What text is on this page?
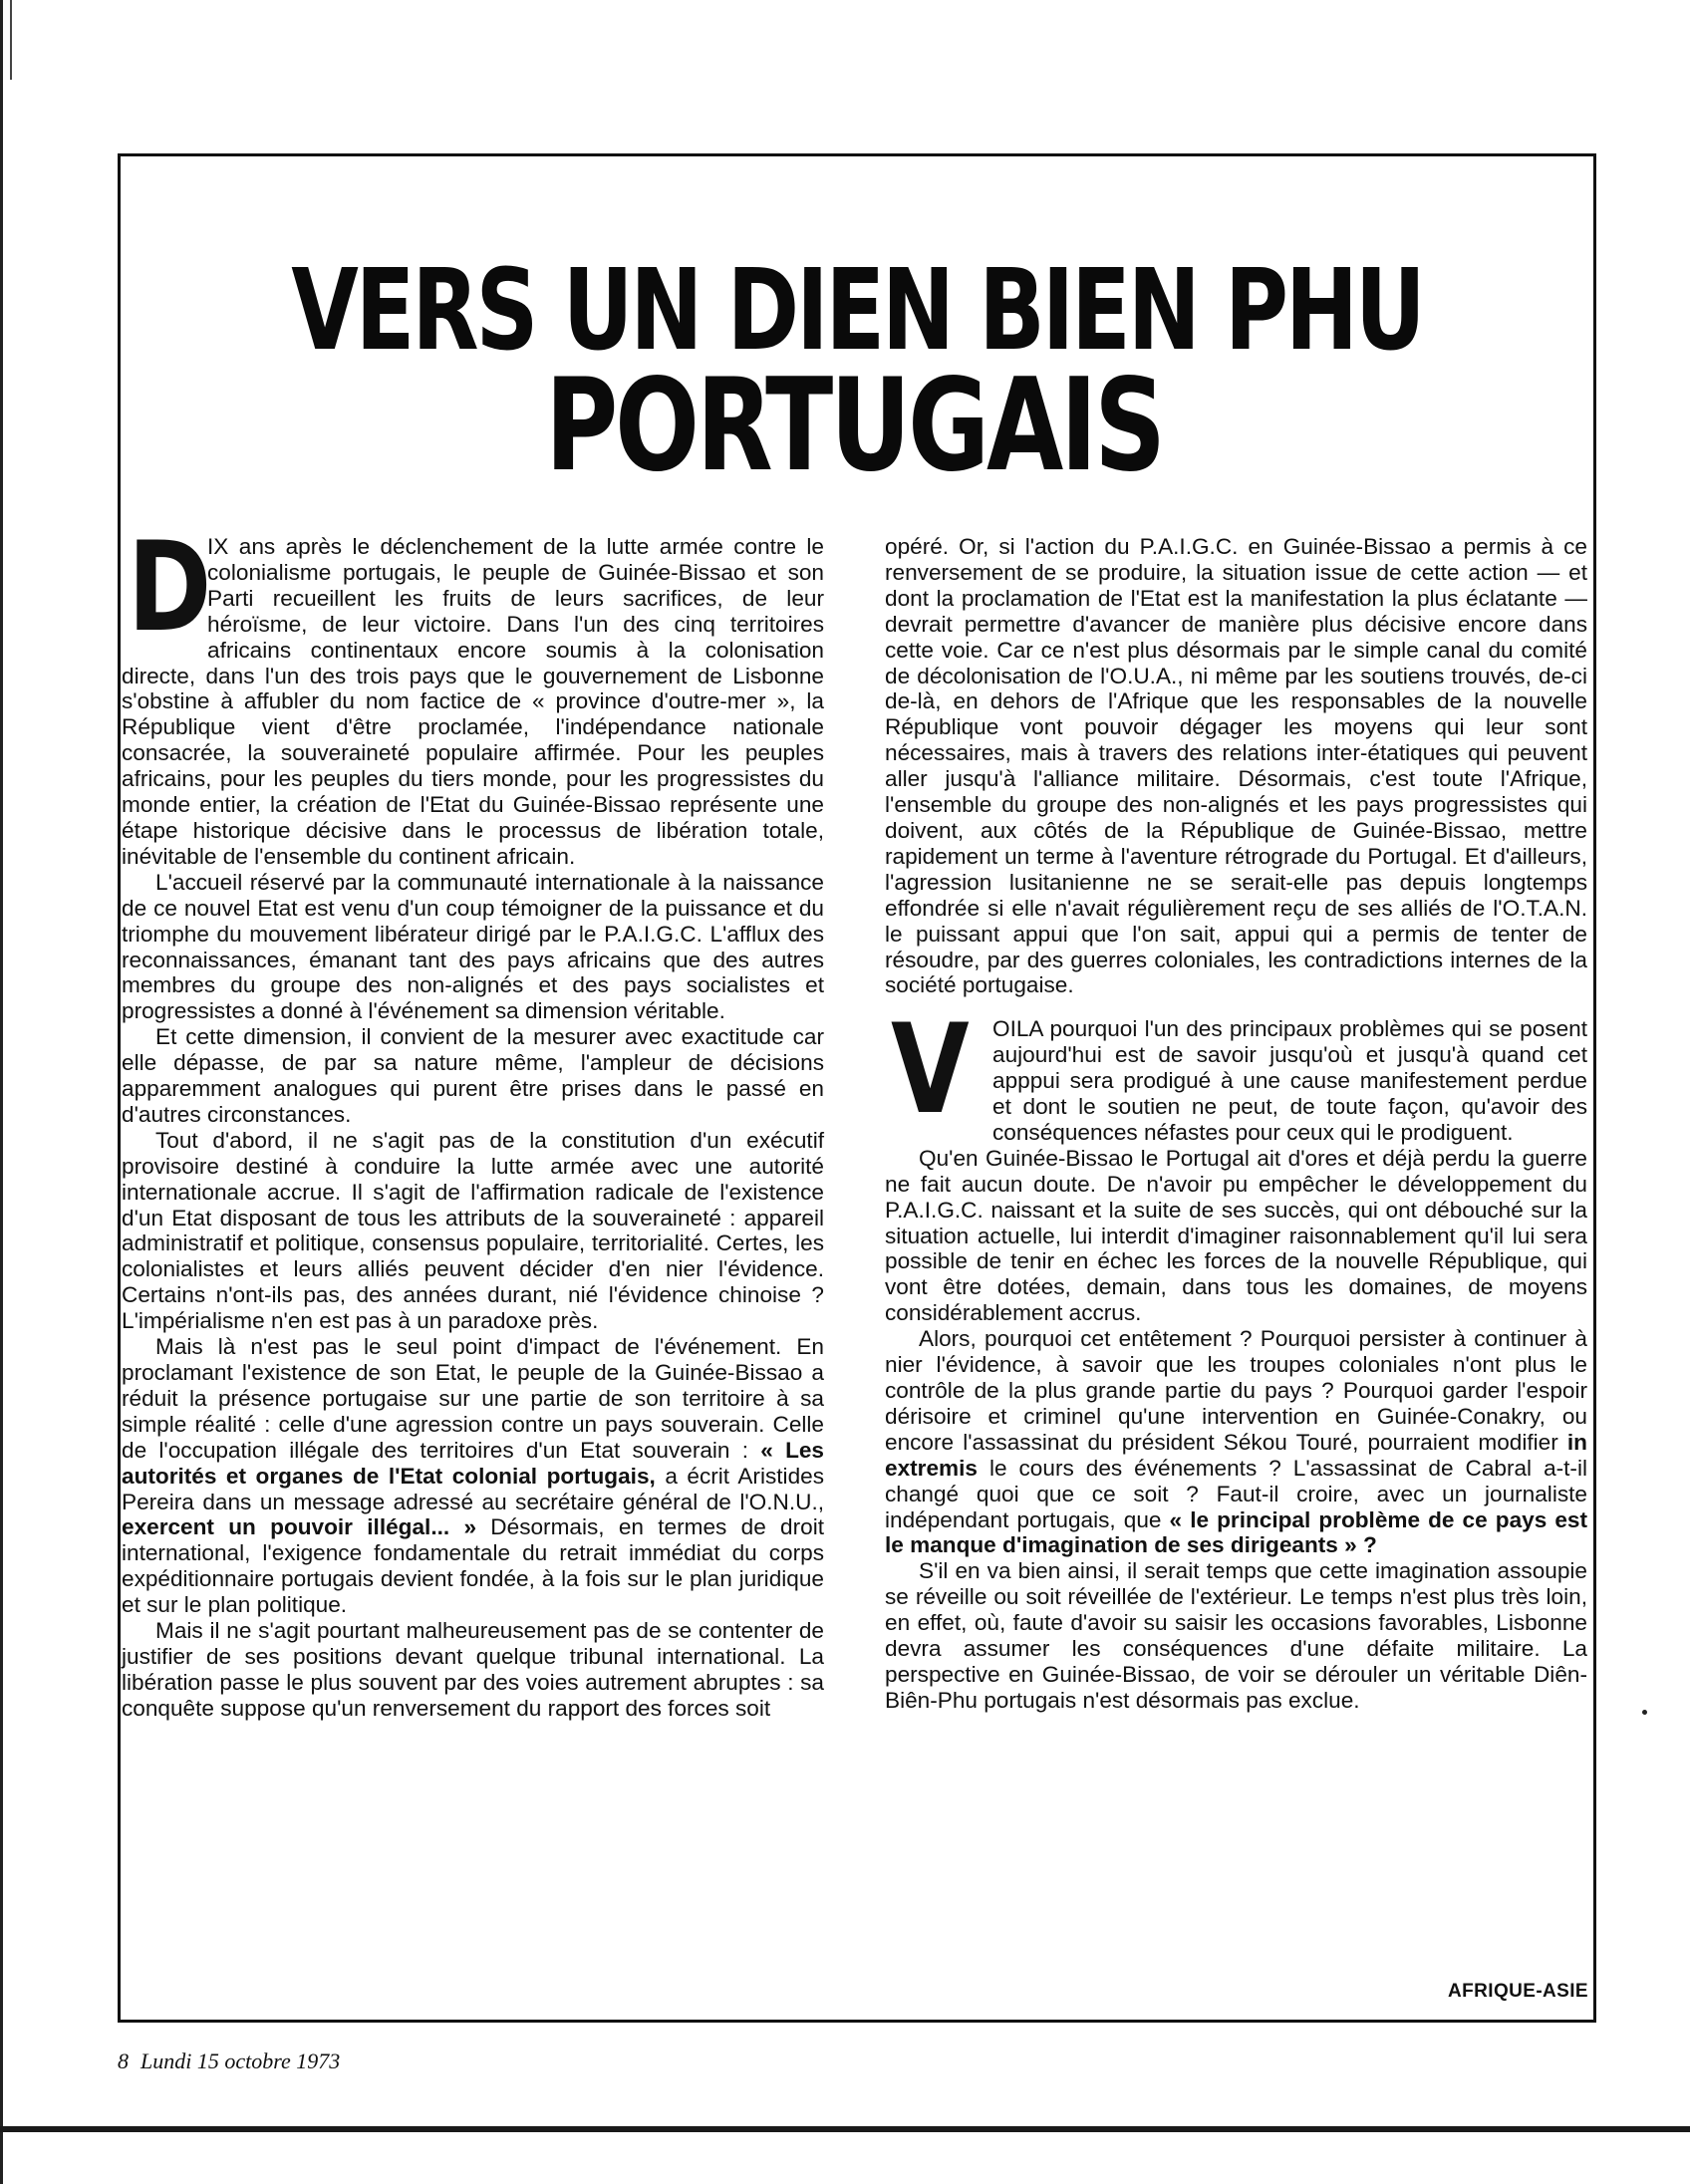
VERS UN DIEN BIEN PHU
PORTUGAIS

D
IX ans après le déclenchement de la lutte armée contre le colonialisme portugais, le peuple de Guinée-Bissao et son Parti recueillent les fruits de leurs sacrifices, de leur héroïsme, de leur victoire. Dans l'un des cinq territoires africains continentaux encore soumis à la colonisation directe, dans l'un des trois pays que le gouvernement de Lisbonne s'obstine à affubler du nom factice de « province d'outre-mer », la République vient d'être proclamée, l'indépendance nationale consacrée, la souveraineté populaire affirmée. Pour les peuples africains, pour les peuples du tiers monde, pour les progressistes du monde entier, la création de l'Etat du Guinée-Bissao représente une étape historique décisive dans le processus de libération totale, inévitable de l'ensemble du continent africain.

L'accueil réservé par la communauté internationale à la naissance de ce nouvel Etat est venu d'un coup témoigner de la puissance et du triomphe du mouvement libérateur dirigé par le P.A.I.G.C. L'afflux des reconnaissances, émanant tant des pays africains que des autres membres du groupe des non-alignés et des pays socialistes et progressistes a donné à l'événement sa dimension véritable.

Et cette dimension, il convient de la mesurer avec exactitude car elle dépasse, de par sa nature même, l'ampleur de décisions apparemment analogues qui purent être prises dans le passé en d'autres circonstances.

Tout d'abord, il ne s'agit pas de la constitution d'un exécutif provisoire destiné à conduire la lutte armée avec une autorité internationale accrue. Il s'agit de l'affirmation radicale de l'existence d'un Etat disposant de tous les attributs de la souveraineté : appareil administratif et politique, consensus populaire, territorialité. Certes, les colonialistes et leurs alliés peuvent décider d'en nier l'évidence. Certains n'ont-ils pas, des années durant, nié l'évidence chinoise ? L'impérialisme n'en est pas à un paradoxe près.

Mais là n'est pas le seul point d'impact de l'événement. En proclamant l'existence de son Etat, le peuple de la Guinée-Bissao a réduit la présence portugaise sur une partie de son territoire à sa simple réalité : celle d'une agression contre un pays souverain. Celle de l'occupation illégale des territoires d'un Etat souverain : « Les autorités et organes de l'Etat colonial portugais, a écrit Aristides Pereira dans un message adressé au secrétaire général de l'O.N.U., exercent un pouvoir illégal... » Désormais, en termes de droit international, l'exigence fondamentale du retrait immédiat du corps expéditionnaire portugais devient fondée, à la fois sur le plan juridique et sur le plan politique.

Mais il ne s'agit pourtant malheureusement pas de se contenter de justifier de ses positions devant quelque tribunal international. La libération passe le plus souvent par des voies autrement abruptes : sa conquête suppose qu'un renversement du rapport des forces soit

opéré. Or, si l'action du P.A.I.G.C. en Guinée-Bissao a permis à ce renversement de se produire, la situation issue de cette action — et dont la proclamation de l'Etat est la manifestation la plus éclatante — devrait permettre d'avancer de manière plus décisive encore dans cette voie. Car ce n'est plus désormais par le simple canal du comité de décolonisation de l'O.U.A., ni même par les soutiens trouvés, de-ci de-là, en dehors de l'Afrique que les responsables de la nouvelle République vont pouvoir dégager les moyens qui leur sont nécessaires, mais à travers des relations inter-étatiques qui peuvent aller jusqu'à l'alliance militaire. Désormais, c'est toute l'Afrique, l'ensemble du groupe des non-alignés et les pays progressistes qui doivent, aux côtés de la République de Guinée-Bissao, mettre rapidement un terme à l'aventure rétrograde du Portugal. Et d'ailleurs, l'agression lusitanienne ne se serait-elle pas depuis longtemps effondrée si elle n'avait régulièrement reçu de ses alliés de l'O.T.A.N. le puissant appui que l'on sait, appui qui a permis de tenter de résoudre, par des guerres coloniales, les contradictions internes de la société portugaise.

V OILA pourquoi l'un des principaux problèmes qui se posent aujourd'hui est de savoir jusqu'où et jusqu'à quand cet apppui sera prodigué à une cause manifestement perdue et dont le soutien ne peut, de toute façon, qu'avoir des conséquences néfastes pour ceux qui le prodiguent.

Qu'en Guinée-Bissao le Portugal ait d'ores et déjà perdu la guerre ne fait aucun doute. De n'avoir pu empêcher le développement du P.A.I.G.C. naissant et la suite de ses succès, qui ont débouché sur la situation actuelle, lui interdit d'imaginer raisonnablement qu'il lui sera possible de tenir en échec les forces de la nouvelle République, qui vont être dotées, demain, dans tous les domaines, de moyens considérablement accrus.

Alors, pourquoi cet entêtement ? Pourquoi persister à continuer à nier l'évidence, à savoir que les troupes coloniales n'ont plus le contrôle de la plus grande partie du pays ? Pourquoi garder l'espoir dérisoire et criminel qu'une intervention en Guinée-Conakry, ou encore l'assassinat du président Sékou Touré, pourraient modifier in extremis le cours des événements ? L'assassinat de Cabral a-t-il changé quoi que ce soit ? Faut-il croire, avec un journaliste indépendant portugais, que « le principal problème de ce pays est le manque d'imagination de ses dirigeants » ?

S'il en va bien ainsi, il serait temps que cette imagination assoupie se réveille ou soit réveillée de l'extérieur. Le temps n'est plus très loin, en effet, où, faute d'avoir su saisir les occasions favorables, Lisbonne devra assumer les conséquences d'une défaite militaire. La perspective en Guinée-Bissao, de voir se dérouler un véritable Diên-Biên-Phu portugais n'est désormais pas exclue.

AFRIQUE-ASIE
8 Lundi 15 octobre 1973
